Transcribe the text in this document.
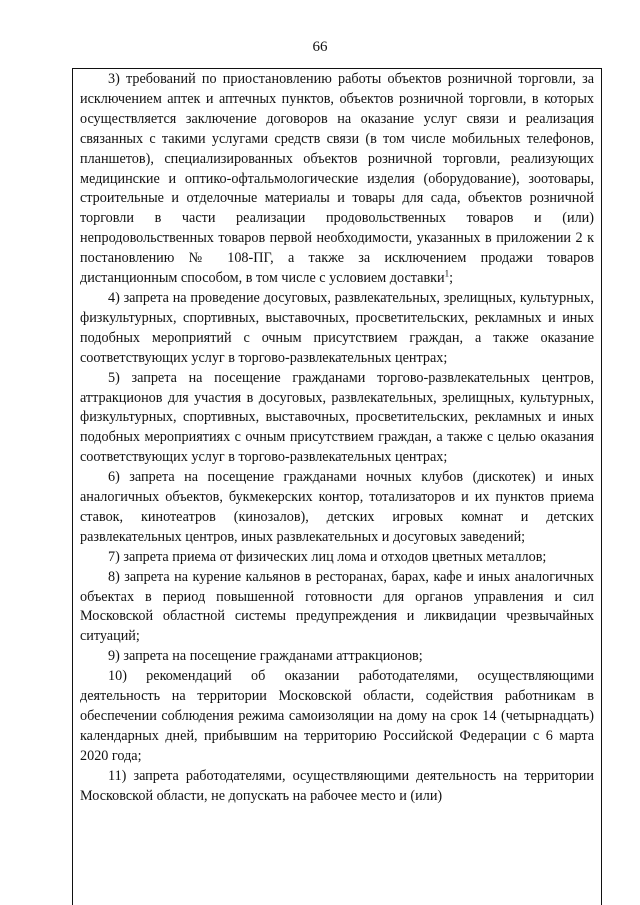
66

3) требований по приостановлению работы объектов розничной торговли, за исключением аптек и аптечных пунктов, объектов розничной торговли, в которых осуществляется заключение договоров на оказание услуг связи и реализация связанных с такими услугами средств связи (в том числе мобильных телефонов, планшетов), специализированных объектов розничной торговли, реализующих медицинские и оптико-офтальмологические изделия (оборудование), зоотовары, строительные и отделочные материалы и товары для сада, объектов розничной торговли в части реализации продовольственных товаров и (или) непродовольственных товаров первой необходимости, указанных в приложении 2 к постановлению № 108-ПГ, а также за исключением продажи товаров дистанционным способом, в том числе с условием доставки$^1$;

4) запрета на проведение досуговых, развлекательных, зрелищных, культурных, физкультурных, спортивных, выставочных, просветительских, рекламных и иных подобных мероприятий с очным присутствием граждан, а также оказание соответствующих услуг в торгово-развлекательных центрах;

5) запрета на посещение гражданами торгово-развлекательных центров, аттракционов для участия в досуговых, развлекательных, зрелищных, культурных, физкультурных, спортивных, выставочных, просветительских, рекламных и иных подобных мероприятиях с очным присутствием граждан, а также с целью оказания соответствующих услуг в торгово-развлекательных центрах;

6) запрета на посещение гражданами ночных клубов (дискотек) и иных аналогичных объектов, букмекерских контор, тотализаторов и их пунктов приема ставок, кинотеатров (кинозалов), детских игровых комнат и детских развлекательных центров, иных развлекательных и досуговых заведений;

7) запрета приема от физических лиц лома и отходов цветных металлов;

8) запрета на курение кальянов в ресторанах, барах, кафе и иных аналогичных объектах в период повышенной готовности для органов управления и сил Московской областной системы предупреждения и ликвидации чрезвычайных ситуаций;

9) запрета на посещение гражданами аттракционов;

10) рекомендаций об оказании работодателями, осуществляющими деятельность на территории Московской области, содействия работникам в обеспечении соблюдения режима самоизоляции на дому на срок 14 (четырнадцать) календарных дней, прибывшим на территорию Российской Федерации с 6 марта 2020 года;

11) запрета работодателями, осуществляющими деятельность на территории Московской области, не допускать на рабочее место и (или)
